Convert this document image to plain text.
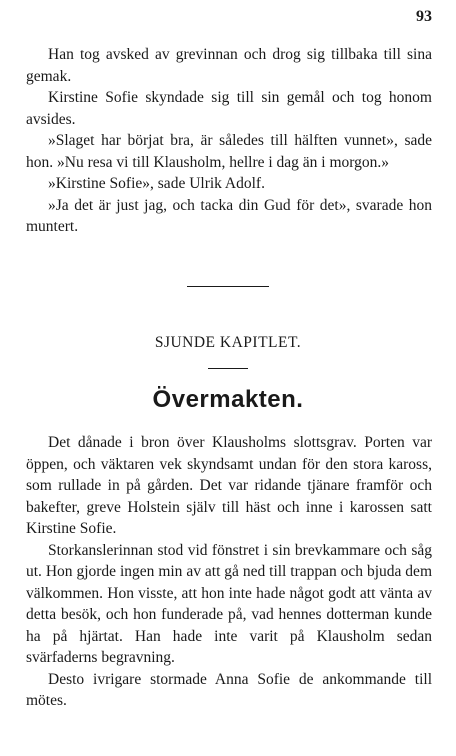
93

Han tog avsked av grevinnan och drog sig tillbaka till sina gemak.

Kirstine Sofie skyndade sig till sin gemål och tog honom avsides.

»Slaget har börjat bra, är således till hälften vunnet», sade hon. »Nu resa vi till Klausholm, hellre i dag än i morgon.»

»Kirstine Sofie», sade Ulrik Adolf.

»Ja det är just jag, och tacka din Gud för det», svarade hon muntert.

SJUNDE KAPITLET.
Övermakten.

Det dånade i bron över Klausholms slottsgrav. Porten var öppen, och väktaren vek skyndsamt undan för den stora kaross, som rullade in på gården. Det var ridande tjänare framför och bakefter, greve Holstein själv till häst och inne i karossen satt Kirstine Sofie.

Storkanslerinnan stod vid fönstret i sin brevkammare och såg ut. Hon gjorde ingen min av att gå ned till trappan och bjuda dem välkommen. Hon visste, att hon inte hade något godt att vänta av detta besök, och hon funderade på, vad hennes dotterman kunde ha på hjärtat. Han hade inte varit på Klausholm sedan svärfaderns begravning.

Desto ivrigare stormade Anna Sofie de ankommande till mötes.
